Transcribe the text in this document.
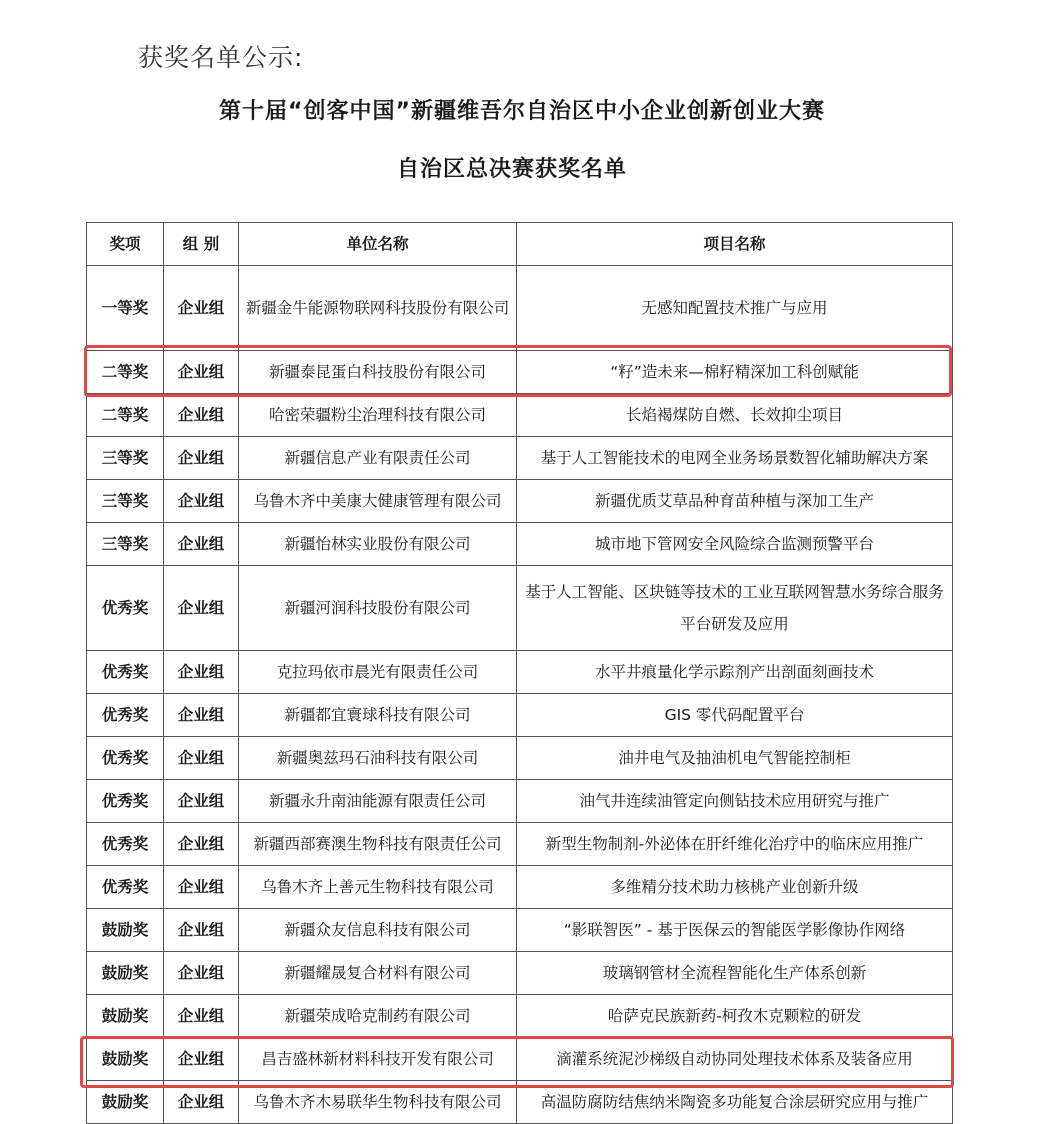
获奖名单公示:
第十届“创客中国”新疆维吾尔自治区中小企业创新创业大赛
自治区总决赛获奖名单
奖项	组 别	单位名称	项目名称
一等奖	企业组	新疆金牛能源物联网科技股份有限公司	无感知配置技术推广与应用
二等奖	企业组	新疆泰昆蛋白科技股份有限公司	“籽”造未来—棉籽精深加工科创赋能
二等奖	企业组	哈密荣疆粉尘治理科技有限公司	长焰褐煤防自燃、长效抑尘项目
三等奖	企业组	新疆信息产业有限责任公司	基于人工智能技术的电网全业务场景数智化辅助解决方案
三等奖	企业组	乌鲁木齐中美康大健康管理有限公司	新疆优质艾草品种育苗种植与深加工生产
三等奖	企业组	新疆怡林实业股份有限公司	城市地下管网安全风险综合监测预警平台
优秀奖	企业组	新疆河润科技股份有限公司	基于人工智能、区块链等技术的工业互联网智慧水务综合服务平台研发及应用
优秀奖	企业组	克拉玛依市晨光有限责任公司	水平井痕量化学示踪剂产出剖面刻画技术
优秀奖	企业组	新疆都宜寰球科技有限公司	GIS 零代码配置平台
优秀奖	企业组	新疆奥兹玛石油科技有限公司	油井电气及抽油机电气智能控制柜
优秀奖	企业组	新疆永升南油能源有限责任公司	油气井连续油管定向侧钻技术应用研究与推广
优秀奖	企业组	新疆西部赛澳生物科技有限责任公司	新型生物制剂-外泌体在肝纤维化治疗中的临床应用推广
优秀奖	企业组	乌鲁木齐上善元生物科技有限公司	多维精分技术助力核桃产业创新升级
鼓励奖	企业组	新疆众友信息科技有限公司	“影联智医” - 基于医保云的智能医学影像协作网络
鼓励奖	企业组	新疆耀晟复合材料有限公司	玻璃钢管材全流程智能化生产体系创新
鼓励奖	企业组	新疆荣成哈克制药有限公司	哈萨克民族新药-柯孜木克颗粒的研发
鼓励奖	企业组	昌吉盛林新材料科技开发有限公司	滴灌系统泥沙梯级自动协同处理技术体系及装备应用
鼓励奖	企业组	乌鲁木齐木易联华生物科技有限公司	高温防腐防结焦纳米陶瓷多功能复合涂层研究应用与推广
